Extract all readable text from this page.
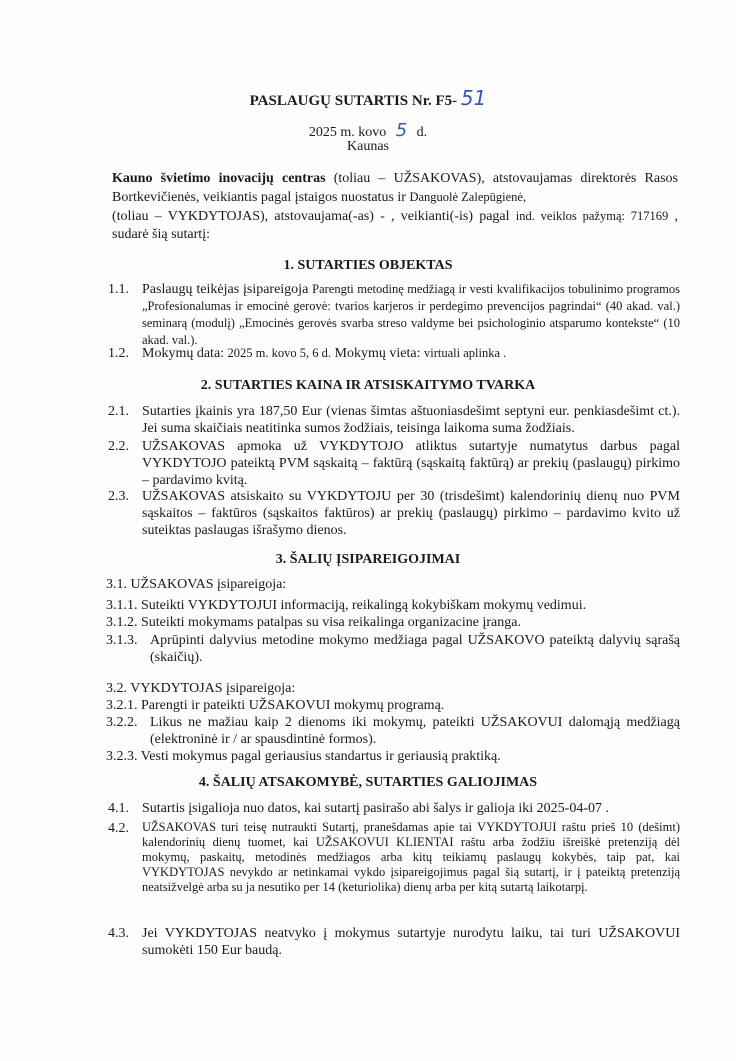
PASLAUGŲ SUTARTIS Nr. F5- 51
2025 m. kovo 5 d.
Kaunas
Kauno švietimo inovacijų centras (toliau – UŽSAKOVAS), atstovaujamas direktorės Rasos Bortkevičienės, veikiantis pagal įstaigos nuostatus ir Danguolė Zalepūgienė,
(toliau – VYKDYTOJAS), atstovaujama(-as) - , veikianti(-is) pagal ind. veiklos pažymą: 717169 , sudarė šią sutartį:
1. SUTARTIES OBJEKTAS
1.1. Paslaugų teikėjas įsipareigoja Parengti metodinę medžiagą ir vesti kvalifikacijos tobulinimo programos „Profesionalumas ir emocinė gerovė: tvarios karjeros ir perdegimo prevencijos pagrindai“ (40 akad. val.) seminarą (modulį) „Emocinės gerovės svarba streso valdyme bei psichologinio atsparumo kontekste“ (10 akad. val.).
1.2. Mokymų data: 2025 m. kovo 5, 6 d. Mokymų vieta: virtuali aplinka .
2. SUTARTIES KAINA IR ATSISKAITYMO TVARKA
2.1. Sutarties įkainis yra 187,50 Eur (vienas šimtas aštuoniasdešimt septyni eur. penkiasdešimt ct.). Jei suma skaičiais neatitinka sumos žodžiais, teisinga laikoma suma žodžiais.
2.2. UŽSAKOVAS apmoka už VYKDYTOJO atliktus sutartyje numatytus darbus pagal VYKDYTOJO pateiktą PVM sąskaitą – faktūrą (sąskaitą faktūrą) ar prekių (paslaugų) pirkimo – pardavimo kvitą.
2.3. UŽSAKOVAS atsiskaito su VYKDYTOJU per 30 (trisdešimt) kalendorinių dienų nuo PVM sąskaitos – faktūros (sąskaitos faktūros) ar prekių (paslaugų) pirkimo – pardavimo kvito už suteiktas paslaugas išrašymo dienos.
3. ŠALIŲ ĮSIPAREIGOJIMAI
3.1. UŽSAKOVAS įsipareigoja:
3.1.1. Suteikti VYKDYTOJUI informaciją, reikalingą kokybiškam mokymų vedimui.
3.1.2. Suteikti mokymams patalpas su visa reikalinga organizacine įranga.
3.1.3. Aprūpinti dalyvius metodine mokymo medžiaga pagal UŽSAKOVO pateiktą dalyvių sąrašą (skaičių).
3.2. VYKDYTOJAS įsipareigoja:
3.2.1. Parengti ir pateikti UŽSAKOVUI mokymų programą.
3.2.2. Likus ne mažiau kaip 2 dienoms iki mokymų, pateikti UŽSAKOVUI dalomąją medžiagą (elektroninė ir / ar spausdintinė formos).
3.2.3. Vesti mokymus pagal geriausius standartus ir geriausią praktiką.
4. ŠALIŲ ATSAKOMYBĖ, SUTARTIES GALIOJIMAS
4.1. Sutartis įsigalioja nuo datos, kai sutartį pasirašo abi šalys ir galioja iki 2025-04-07 .
4.2.	UŽSAKOVAS turi teisę nutraukti Sutartį, pranešdamas apie tai VYKDYTOJUI raštu prieš 10 (dešimt) kalendorinių dienų tuomet, kai UŽSAKOVUI KLIENTAI raštu arba žodžiu išreiškė pretenziją dėl mokymų, paskaitų, metodinės medžiagos arba kitų teikiamų paslaugų kokybės, taip pat, kai VYKDYTOJAS nevykdo ar netinkamai vykdo įsipareigojimus pagal šią sutartį, ir į pateiktą pretenziją neatsižvelgė arba su ja nesutiko per 14 (keturiolika) dienų arba per kitą sutartą laikotarpį.
4.3. Jei VYKDYTOJAS neatvyko į mokymus sutartyje nurodytu laiku, tai turi UŽSAKOVUI sumokėti 150 Eur baudą.
